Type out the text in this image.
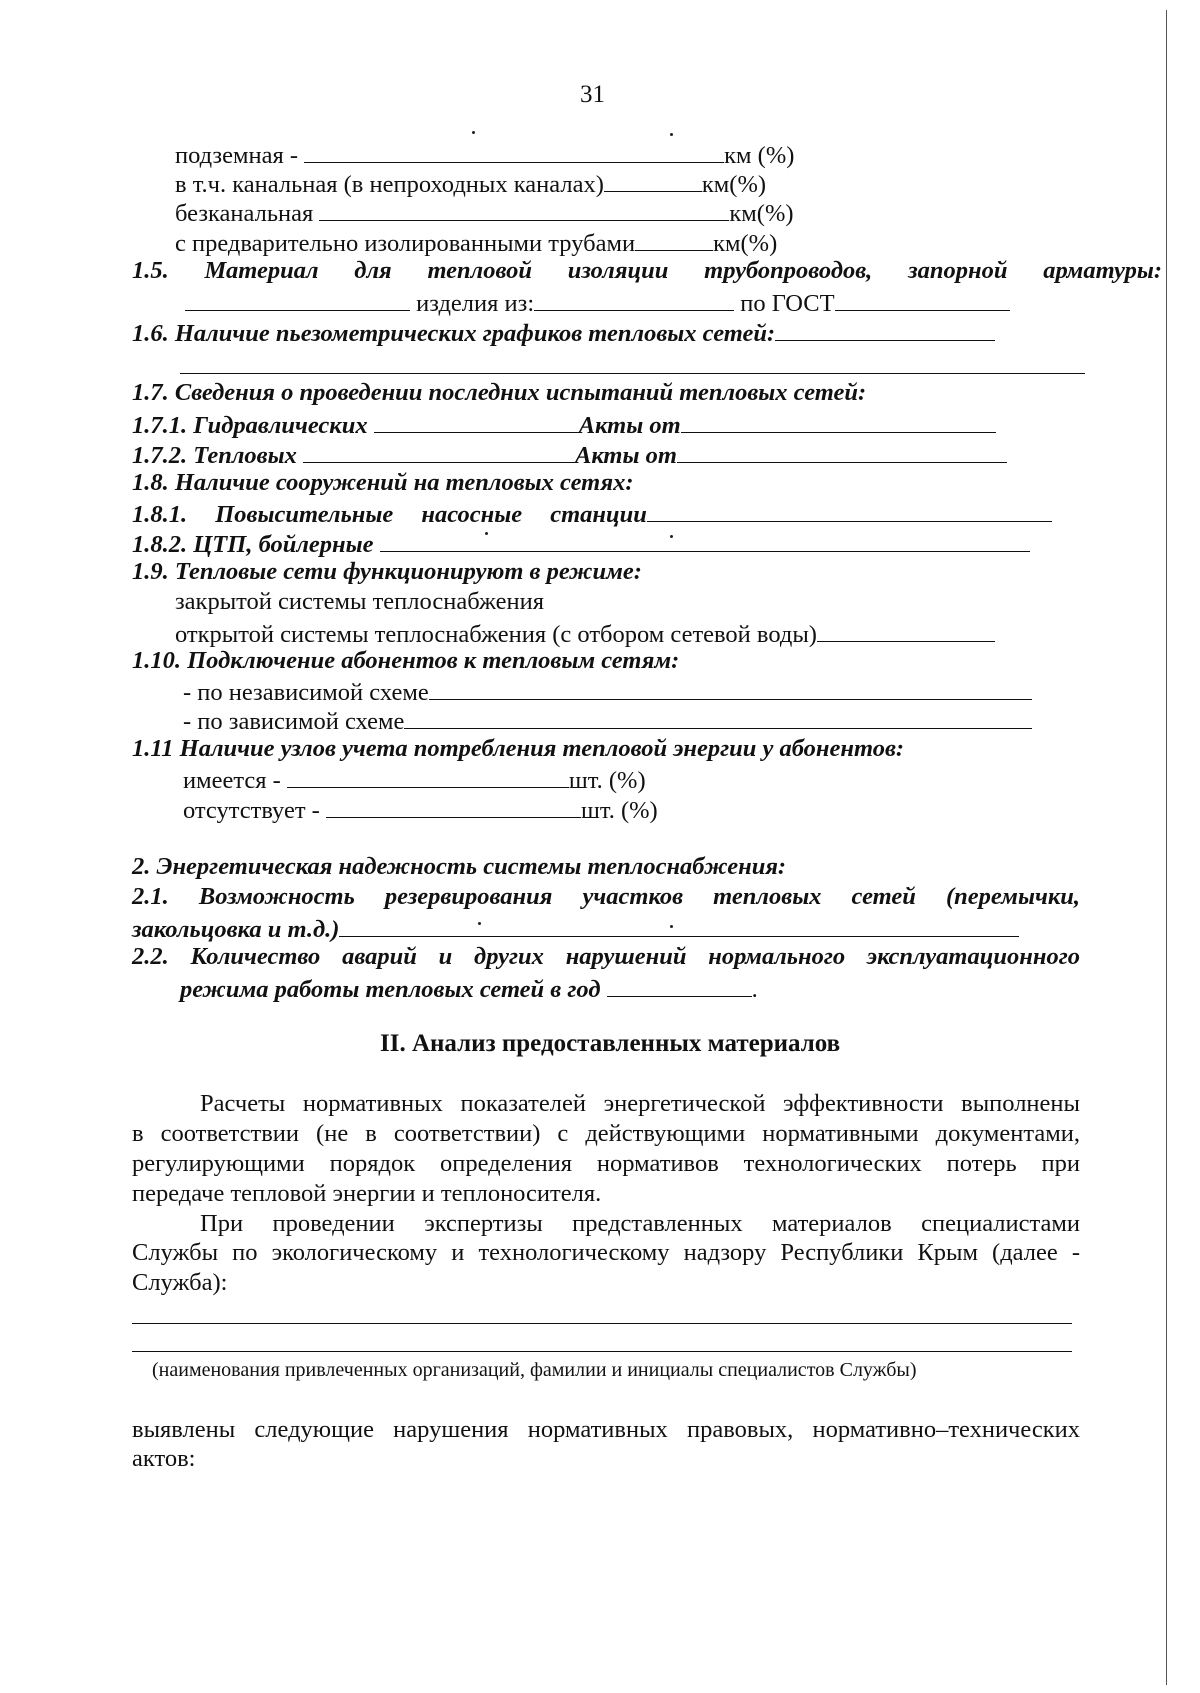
31
подземная -	км (%)
в т.ч. канальная (в непроходных каналах)	км(%)
безканальная	км(%)
с предварительно изолированными трубами	км(%)
1.5. Материал для тепловой изоляции трубопроводов, запорной арматуры:
изделия из:	по ГОСТ
1.6. Наличие пьезометрических графиков тепловых сетей:
1.7. Сведения о проведении последних испытаний тепловых сетей:
1.7.1. Гидравлических	Акты от
1.7.2. Тепловых	Акты от
1.8. Наличие сооружений на тепловых сетях:
1.8.1. Повысительные насосные станции
1.8.2. ЦТП, бойлерные
1.9. Тепловые сети функционируют в режиме:
закрытой системы теплоснабжения
открытой системы теплоснабжения (с отбором сетевой воды)
1.10. Подключение абонентов к тепловым сетям:
- по независимой схеме
- по зависимой схеме
1.11 Наличие узлов учета потребления тепловой энергии у абонентов:
имеется -	шт. (%)
отсутствует -	шт. (%)
2. Энергетическая надежность системы теплоснабжения:
2.1. Возможность резервирования участков тепловых сетей (перемычки,
закольцовка и т.д.)
2.2. Количество аварий и других нарушений нормального эксплуатационного
режима работы тепловых сетей в год	.
II. Анализ предоставленных материалов
Расчеты нормативных показателей энергетической эффективности выполнены
в соответствии (не в соответствии) с действующими нормативными документами,
регулирующими порядок определения нормативов технологических потерь при
передаче тепловой энергии и теплоносителя.
При проведении экспертизы представленных материалов специалистами
Службы по экологическому и технологическому надзору Республики Крым (далее -
Служба):
(наименования привлеченных организаций, фамилии и инициалы специалистов Службы)
выявлены следующие нарушения нормативных правовых, нормативно–технических
актов:
